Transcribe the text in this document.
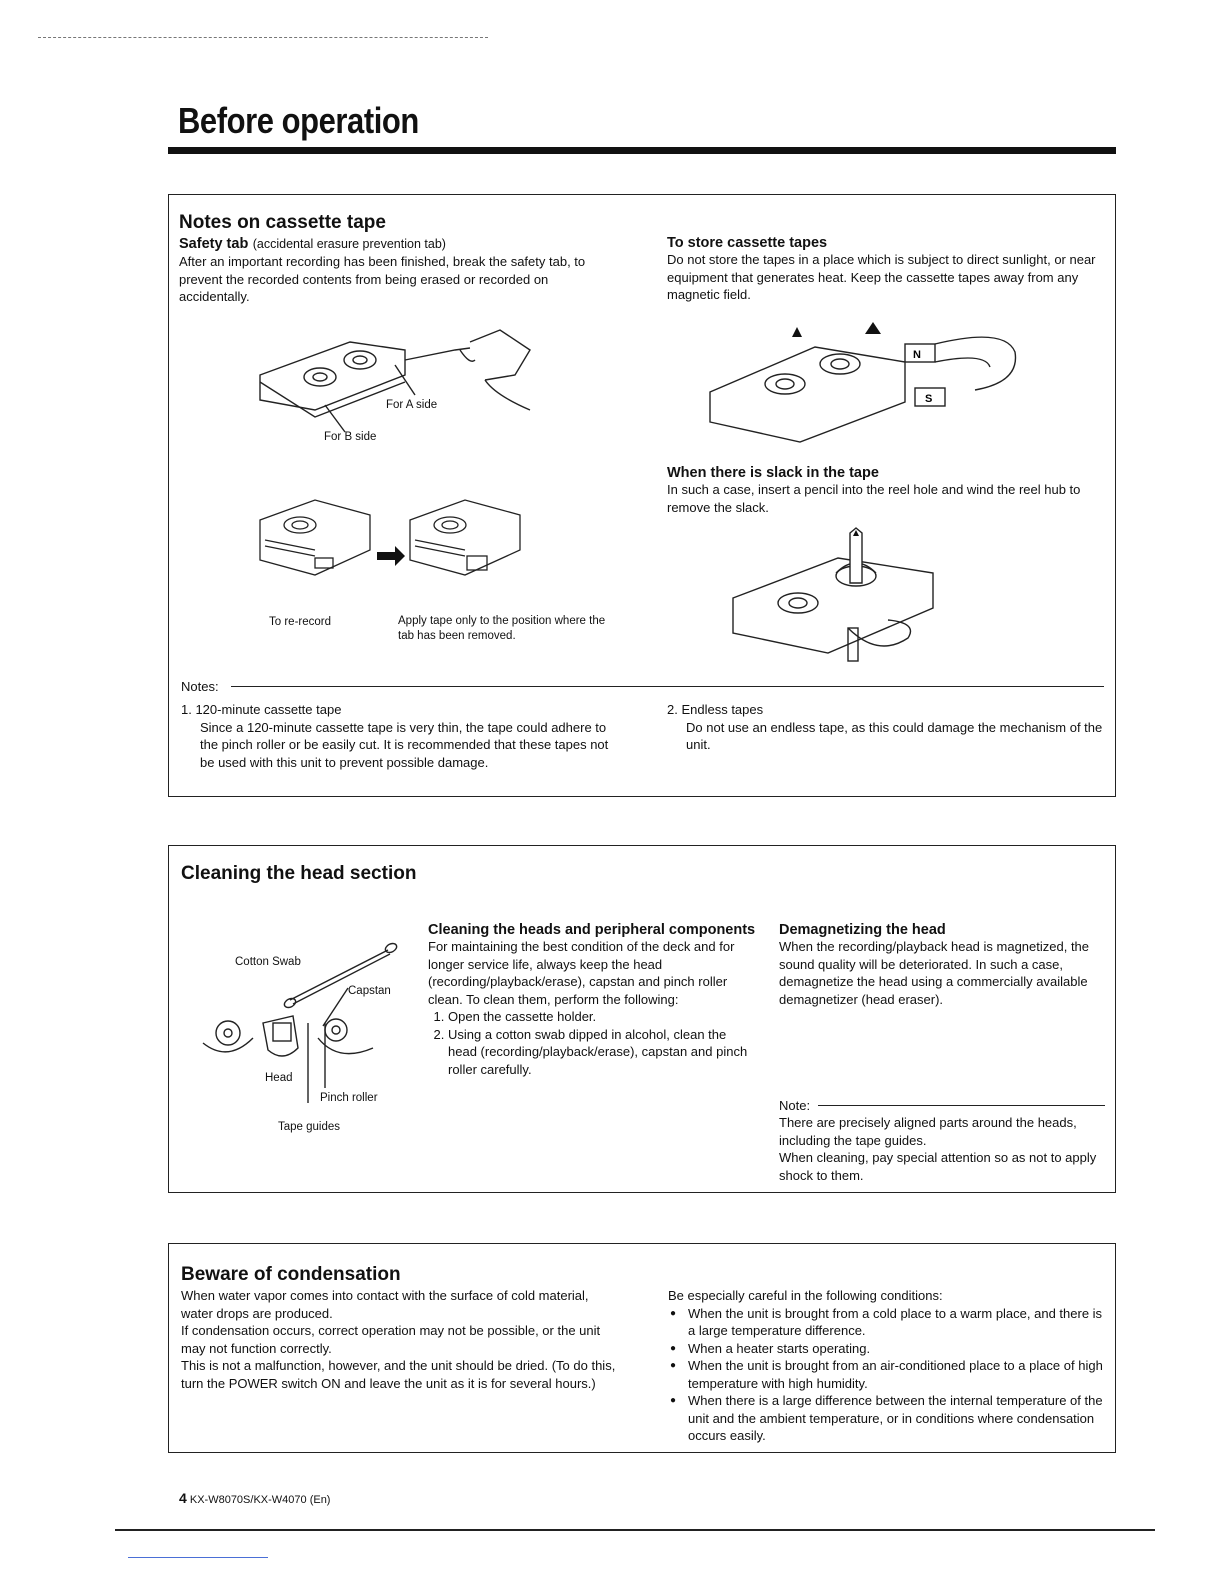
Before operation
Notes on cassette tape
Safety tab (accidental erasure prevention tab)

After an important recording has been finished, break the safety tab, to prevent the recorded contents from being erased or recorded on accidentally.

For A side
For B side
To re-record	Apply tape only to the position where the tab has been removed.
To store cassette tapes

Do not store the tapes in a place which is subject to direct sunlight, or near equipment that generates heat. Keep the cassette tapes away from any magnetic field.

N
S
When there is slack in the tape

In such a case, insert a pencil into the reel hole and wind the reel hub to remove the slack.

Notes:

1. 120-minute cassette tape

Since a 120-minute cassette tape is very thin, the tape could adhere to the pinch roller or be easily cut. It is recommended that these tapes not be used with this unit to prevent possible damage.

2. Endless tapes

Do not use an endless tape, as this could damage the mechanism of the unit.

Cleaning the head section
Cotton Swab
Capstan
Head
Pinch roller
Tape guides
Cleaning the heads and peripheral components

For maintaining the best condition of the deck and for longer service life, always keep the head (recording/playback/erase), capstan and pinch roller clean. To clean them, perform the following:

1. Open the cassette holder.
2. Using a cotton swab dipped in alcohol, clean the head (recording/playback/erase), capstan and pinch roller carefully.
Demagnetizing the head

When the recording/playback head is magnetized, the sound quality will be deteriorated. In such a case, demagnetize the head using a commercially available demagnetizer (head eraser).

Note:

There are precisely aligned parts around the heads, including the tape guides.

When cleaning, pay special attention so as not to apply shock to them.

Beware of condensation

When water vapor comes into contact with the surface of cold material, water drops are produced.

If condensation occurs, correct operation may not be possible, or the unit may not function correctly.

This is not a malfunction, however, and the unit should be dried. (To do this, turn the POWER switch ON and leave the unit as it is for several hours.)

Be especially careful in the following conditions:

● When the unit is brought from a cold place to a warm place, and there is a large temperature difference.
● When a heater starts operating.
● When the unit is brought from an air-conditioned place to a place of high temperature with high humidity.
● When there is a large difference between the internal temperature of the unit and the ambient temperature, or in conditions where condensation occurs easily.
4 KX-W8070S/KX-W4070 (En)
